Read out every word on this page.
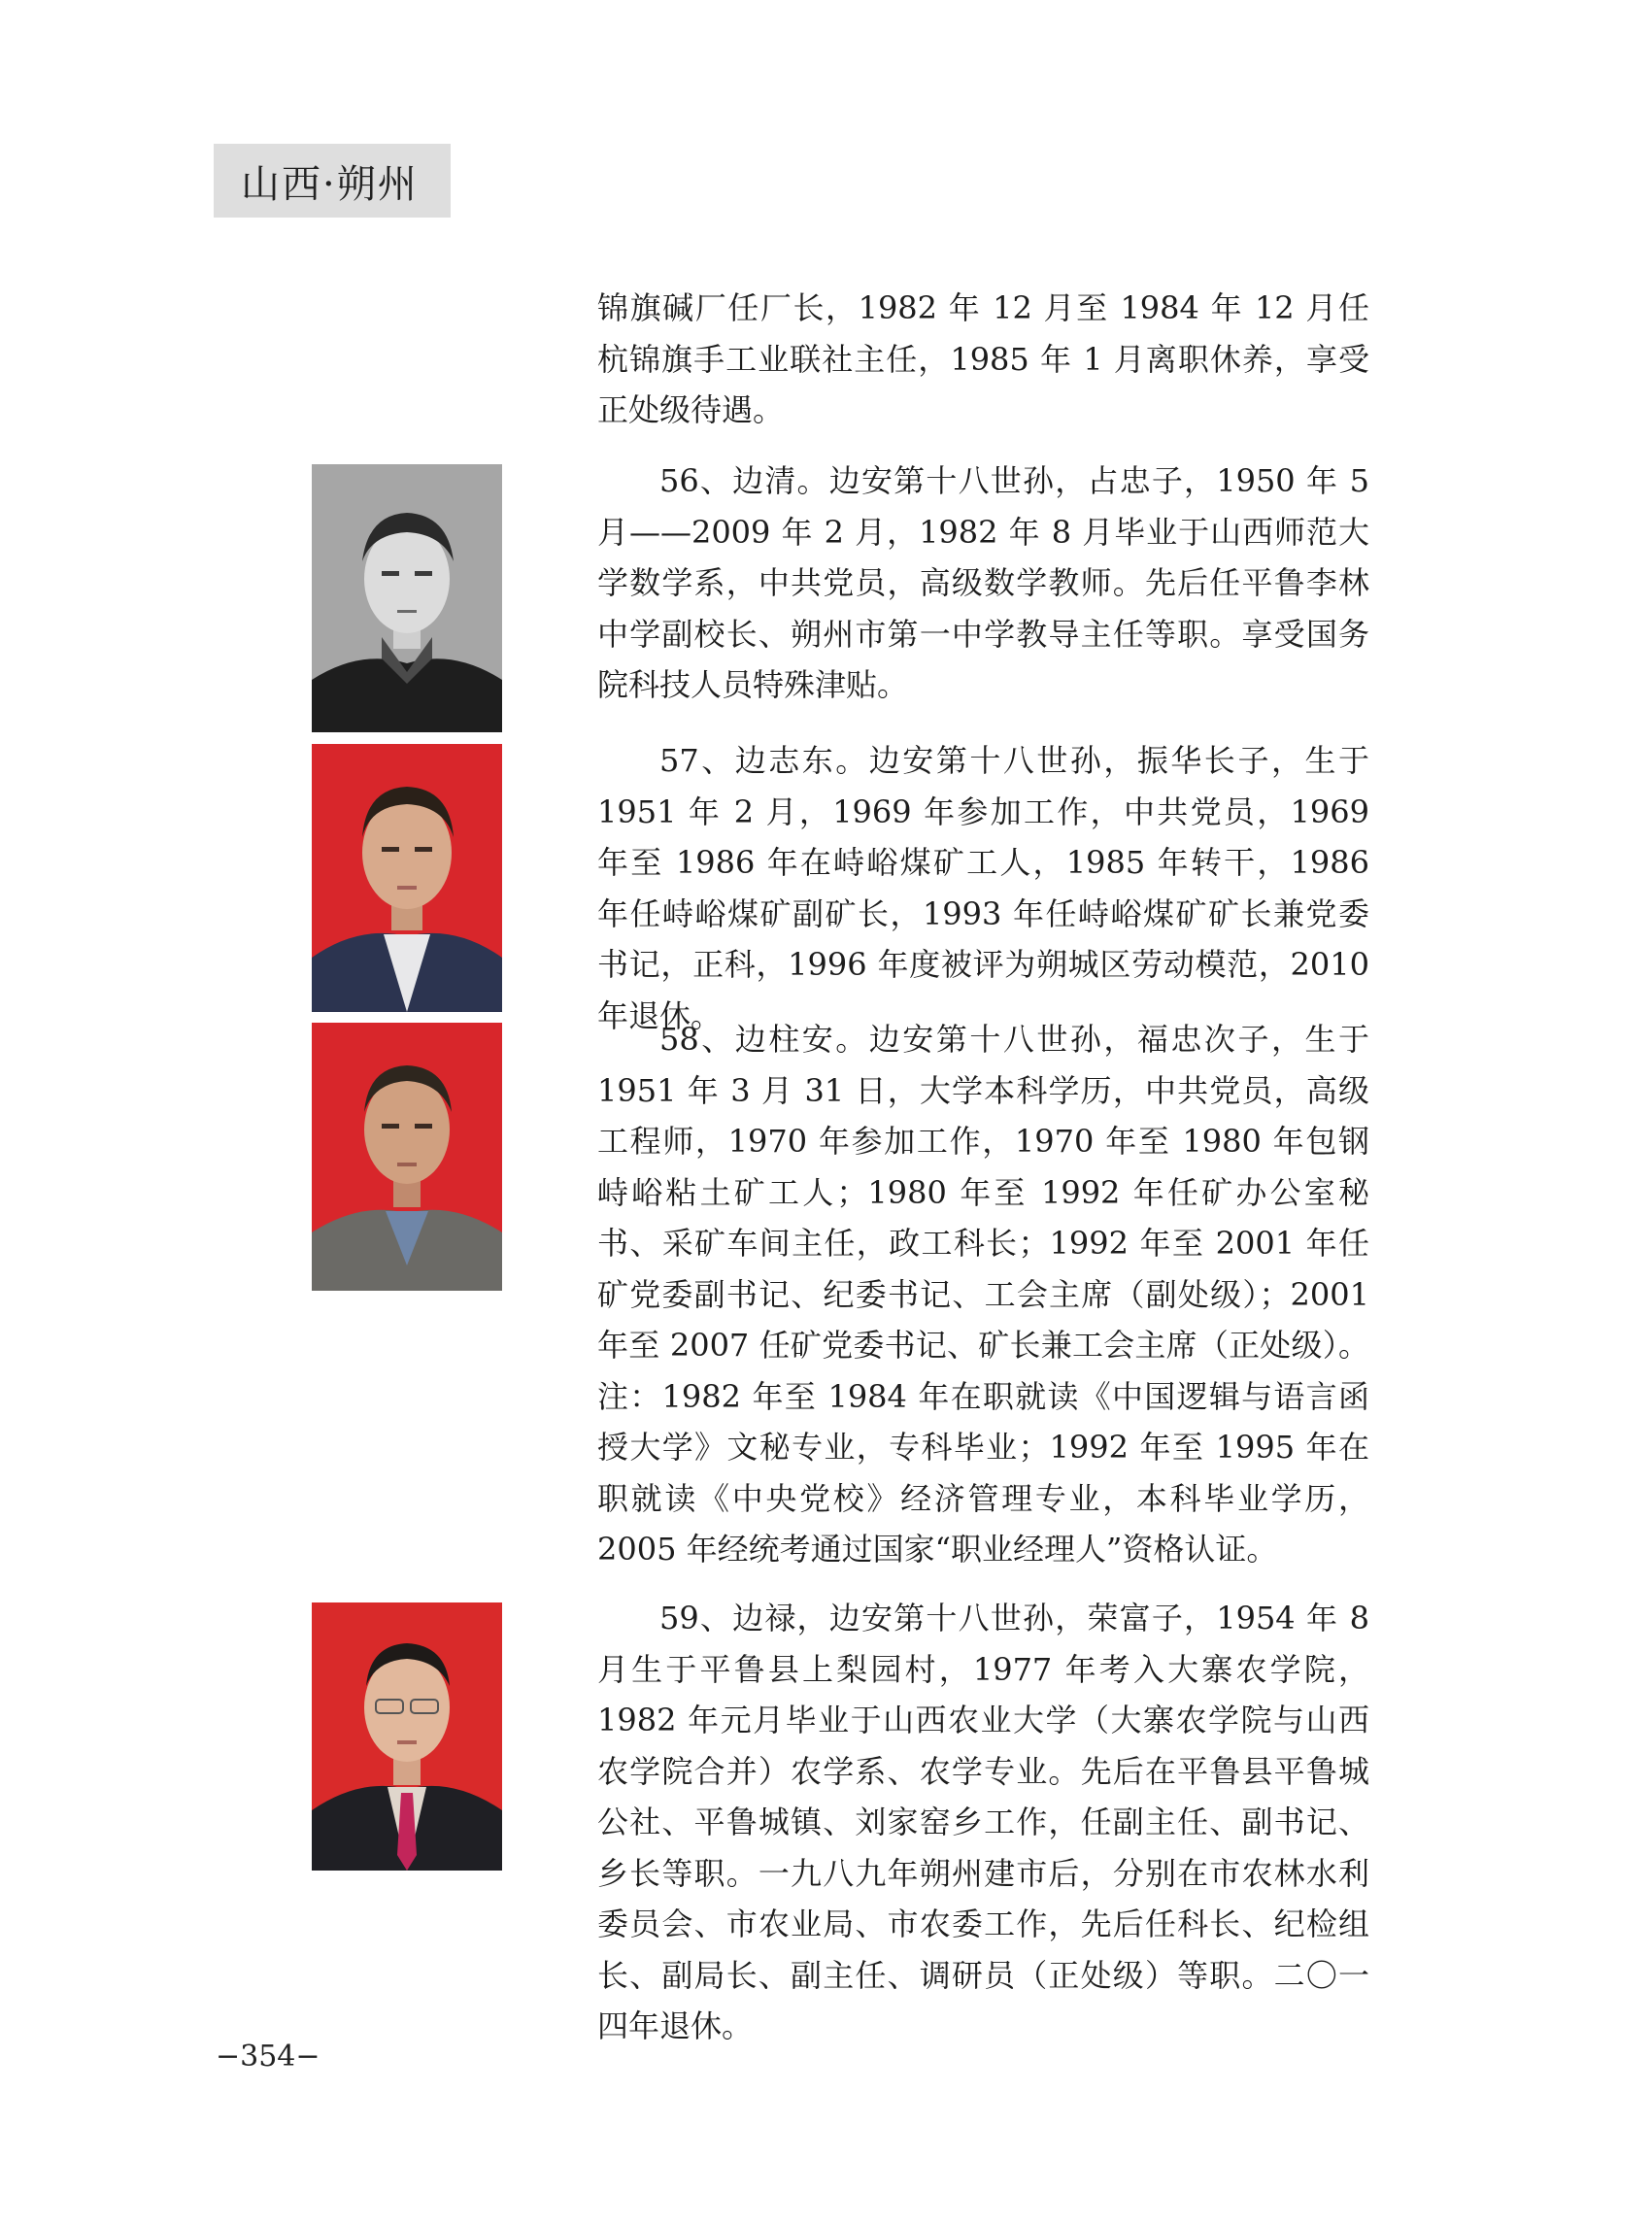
山西·朔州

锦旗碱厂任厂长，1982 年 12 月至 1984 年 12 月任杭锦旗手工业联社主任，1985 年 1 月离职休养，享受正处级待遇。

56、边清。边安第十八世孙，占忠子，1950 年 5 月——2009 年 2 月，1982 年 8 月毕业于山西师范大学数学系，中共党员，高级数学教师。先后任平鲁李林中学副校长、朔州市第一中学教导主任等职。享受国务院科技人员特殊津贴。

57、边志东。边安第十八世孙，振华长子，生于 1951 年 2 月，1969 年参加工作，中共党员，1969 年至 1986 年在峙峪煤矿工人，1985 年转干，1986 年任峙峪煤矿副矿长，1993 年任峙峪煤矿矿长兼党委书记，正科，1996 年度被评为朔城区劳动模范，2010 年退休。

58、边柱安。边安第十八世孙，福忠次子，生于 1951 年 3 月 31 日，大学本科学历，中共党员，高级工程师，1970 年参加工作，1970 年至 1980 年包钢峙峪粘土矿工人；1980 年至 1992 年任矿办公室秘书、采矿车间主任，政工科长；1992 年至 2001 年任矿党委副书记、纪委书记、工会主席（副处级）；2001 年至 2007 任矿党委书记、矿长兼工会主席（正处级）。注：1982 年至 1984 年在职就读《中国逻辑与语言函授大学》文秘专业，专科毕业；1992 年至 1995 年在职就读《中央党校》经济管理专业，本科毕业学历，2005 年经统考通过国家“职业经理人”资格认证。

59、边禄，边安第十八世孙，荣富子，1954 年 8 月生于平鲁县上梨园村，1977 年考入大寨农学院，1982 年元月毕业于山西农业大学（大寨农学院与山西农学院合并）农学系、农学专业。先后在平鲁县平鲁城公社、平鲁城镇、刘家窑乡工作，任副主任、副书记、乡长等职。一九八九年朔州建市后，分别在市农林水利委员会、市农业局、市农委工作，先后任科长、纪检组长、副局长、副主任、调研员（正处级）等职。二〇一四年退休。

−354−
